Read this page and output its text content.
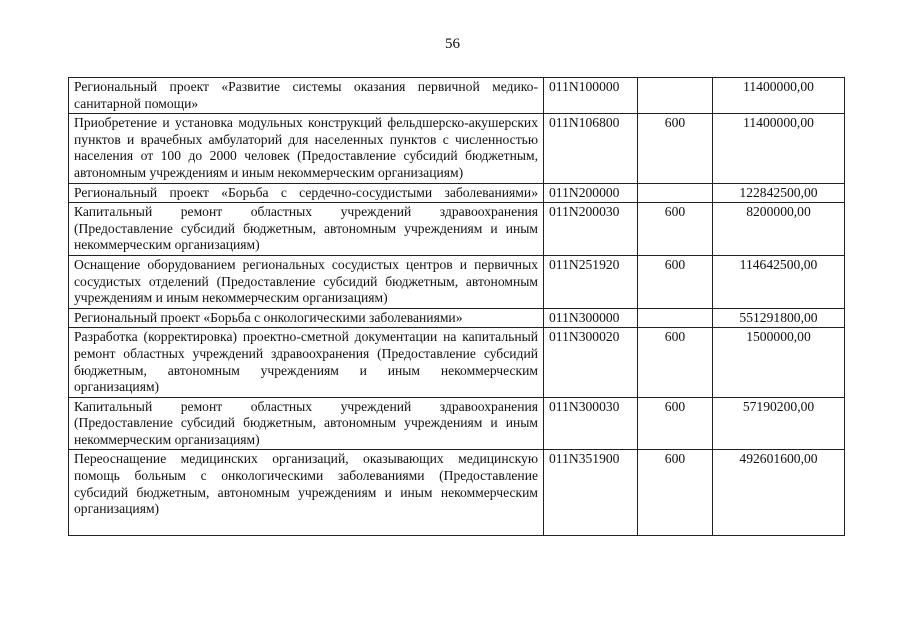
56
Региональный проект «Развитие системы оказания первичной медико-санитарной помощи»	011N100000		11400000,00
Приобретение и установка модульных конструкций фельдшерско-акушерских пунктов и врачебных амбулаторий для населенных пунктов с численностью населения от 100 до 2000 человек (Предоставление субсидий бюджетным, автономным учреждениям и иным некоммерческим организациям)	011N106800	600	11400000,00
Региональный проект «Борьба с сердечно-сосудистыми заболеваниями»	011N200000		122842500,00
Капитальный ремонт областных учреждений здравоохранения (Предоставление субсидий бюджетным, автономным учреждениям и иным некоммерческим организациям)	011N200030	600	8200000,00
Оснащение оборудованием региональных сосудистых центров и первичных сосудистых отделений (Предоставление субсидий бюджетным, автономным учреждениям и иным некоммерческим организациям)	011N251920	600	114642500,00
Региональный проект «Борьба с онкологическими заболеваниями»	011N300000		551291800,00
Разработка (корректировка) проектно-сметной документации на капитальный ремонт областных учреждений здравоохранения (Предоставление субсидий бюджетным, автономным учреждениям и иным некоммерческим организациям)	011N300020	600	1500000,00
Капитальный ремонт областных учреждений здравоохранения (Предоставление субсидий бюджетным, автономным учреждениям и иным некоммерческим организациям)	011N300030	600	57190200,00
Переоснащение медицинских организаций, оказывающих медицинскую помощь больным с онкологическими заболеваниями (Предоставление субсидий бюджетным, автономным учреждениям и иным некоммерческим организациям)	011N351900	600	492601600,00
